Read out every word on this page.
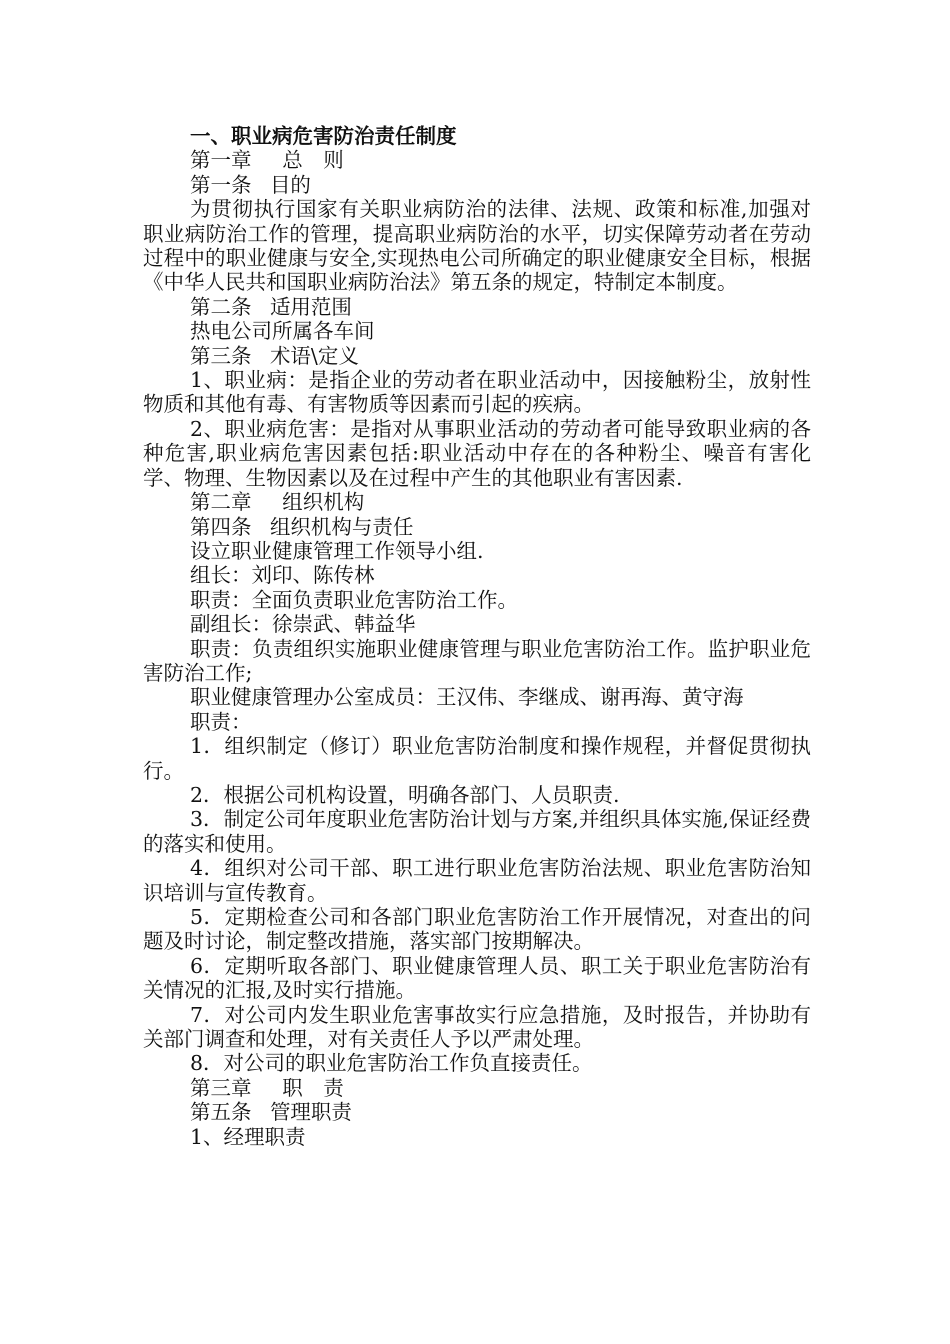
一、职业病危害防治责任制度

第一章 总　则

第一条 目的

为贯彻执行国家有关职业病防治的法律、法规、政策和标准,加强对职业病防治工作的管理，提高职业病防治的水平，切实保障劳动者在劳动过程中的职业健康与安全,实现热电公司所确定的职业健康安全目标，根据《中华人民共和国职业病防治法》第五条的规定，特制定本制度。

第二条 适用范围

热电公司所属各车间

第三条 术语\定义

1、职业病：是指企业的劳动者在职业活动中，因接触粉尘，放射性物质和其他有毒、有害物质等因素而引起的疾病。

2、职业病危害：是指对从事职业活动的劳动者可能导致职业病的各种危害,职业病危害因素包括:职业活动中存在的各种粉尘、噪音有害化学、物理、生物因素以及在过程中产生的其他职业有害因素.

第二章 组织机构

第四条 组织机构与责任

设立职业健康管理工作领导小组.

组长：刘印、陈传林

职责：全面负责职业危害防治工作。

副组长：徐崇武、韩益华

职责：负责组织实施职业健康管理与职业危害防治工作。监护职业危害防治工作;

职业健康管理办公室成员：王汉伟、李继成、谢再海、黄守海

职责：

1．组织制定（修订）职业危害防治制度和操作规程，并督促贯彻执行。

2．根据公司机构设置，明确各部门、人员职责.

3．制定公司年度职业危害防治计划与方案,并组织具体实施,保证经费的落实和使用。

4．组织对公司干部、职工进行职业危害防治法规、职业危害防治知识培训与宣传教育。

5．定期检查公司和各部门职业危害防治工作开展情况，对查出的问题及时讨论，制定整改措施，落实部门按期解决。

6．定期听取各部门、职业健康管理人员、职工关于职业危害防治有关情况的汇报,及时实行措施。

7．对公司内发生职业危害事故实行应急措施，及时报告，并协助有关部门调查和处理，对有关责任人予以严肃处理。

8．对公司的职业危害防治工作负直接责任。

第三章 职　责

第五条 管理职责

1、经理职责
